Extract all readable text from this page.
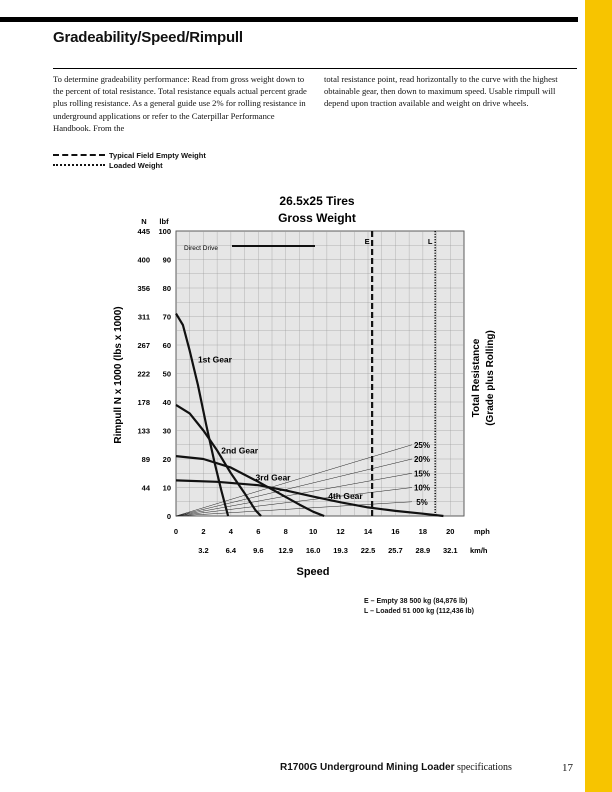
Gradeability/Speed/Rimpull
To determine gradeability performance: Read from gross weight down to the percent of total resistance. Total resistance equals actual percent grade plus rolling resistance. As a general guide use 2% for rolling resistance in underground applications or refer to the Caterpillar Performance Handbook. From the
total resistance point, read horizontally to the curve with the highest obtainable gear, then down to maximum speed. Usable rimpull will depend upon traction available and weight on drive wheels.
Typical Field Empty Weight
Loaded Weight
26.5x25 Tires
Gross Weight
N lbf
0
10
44
20
89
30
133
40
178
50
222
60
267
70
311
80
356
90
400
100
445
Rimpull N x 1000 (lbs x 1000)
0	2	4	6	8	10	12	14	16	18	20	mph
3.2 6.4 9.6 12.9 16.0 19.3 22.5 25.7 28.9 32.1 km/h
Speed
Total Resistance (Grade plus Rolling)
25%
20%
15%
10%
5%
Direct Drive
E	L
1st Gear
2nd Gear
3rd Gear
4th Gear
E – Empty 38 500 kg (84,876 lb)
L – Loaded 51 000 kg (112,436 lb)
R1700G Underground Mining Loader specifications	17
